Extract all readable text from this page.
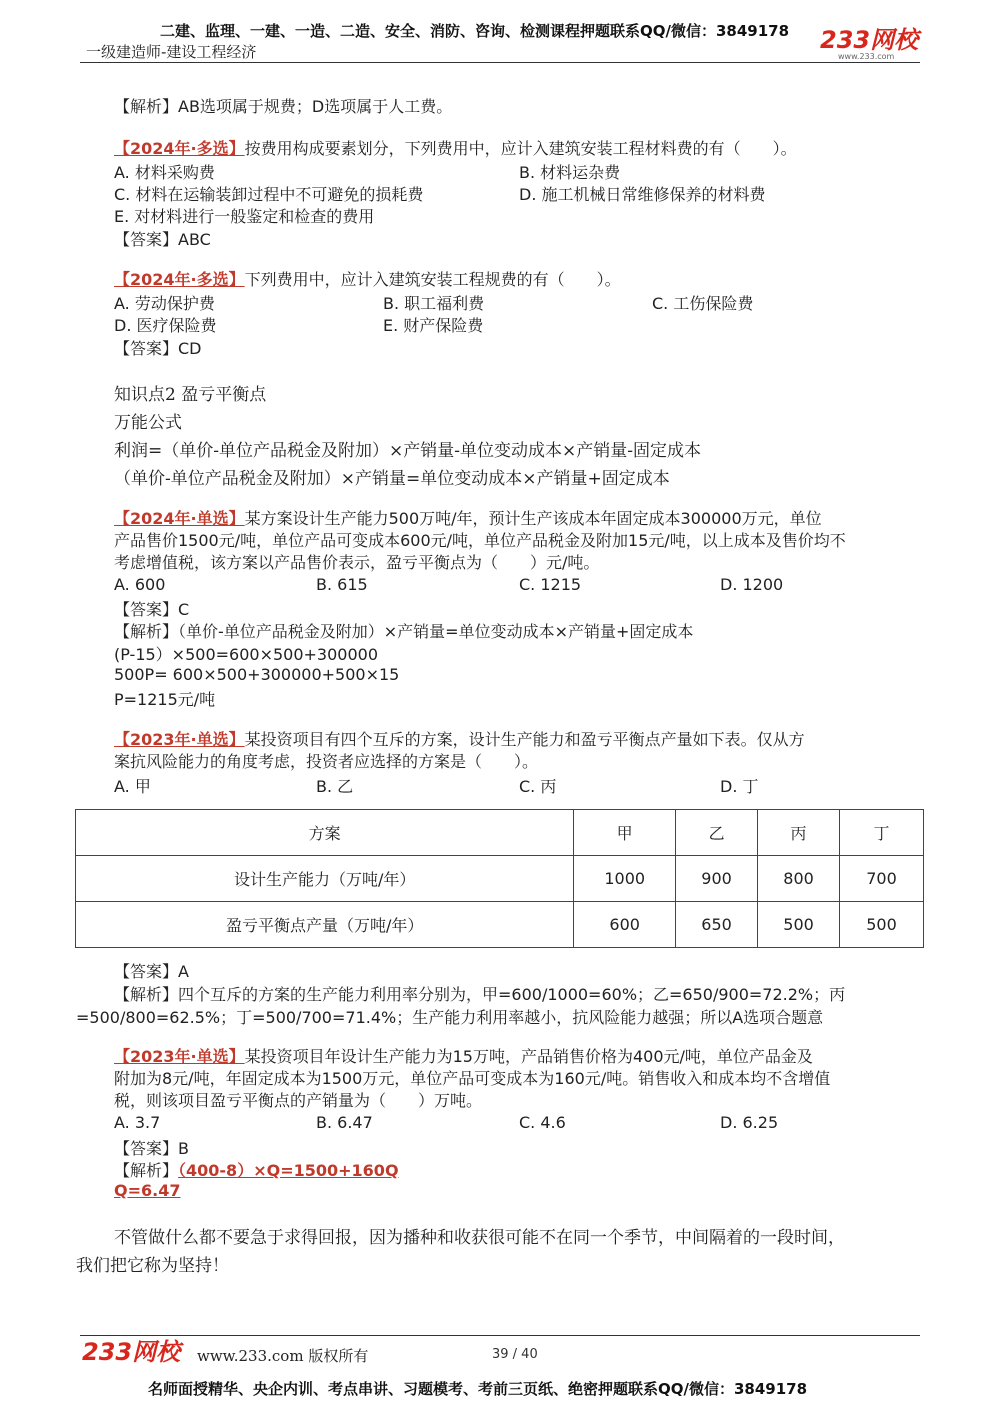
二建、监理、一建、一造、二造、安全、消防、咨询、检测课程押题联系QQ/微信：3849178
一级建造师-建设工程经济	233网校
www.233.com
【解析】AB选项属于规费；D选项属于人工费。
【2024年·多选】按费用构成要素划分，下列费用中，应计入建筑安装工程材料费的有（　　）。
A. 材料采购费	B. 材料运杂费
C. 材料在运输装卸过程中不可避免的损耗费	D. 施工机械日常维修保养的材料费
E. 对材料进行一般鉴定和检查的费用
【答案】ABC
【2024年·多选】下列费用中，应计入建筑安装工程规费的有（　　）。
A. 劳动保护费	B. 职工福利费	C. 工伤保险费
D. 医疗保险费	E. 财产保险费
【答案】CD
知识点2 盈亏平衡点
万能公式
利润=（单价-单位产品税金及附加）×产销量-单位变动成本×产销量-固定成本
（单价-单位产品税金及附加）×产销量=单位变动成本×产销量+固定成本
【2024年·单选】某方案设计生产能力500万吨/年，预计生产该成本年固定成本300000万元，单位
产品售价1500元/吨，单位产品可变成本600元/吨，单位产品税金及附加15元/吨，以上成本及售价均不
考虑增值税，该方案以产品售价表示，盈亏平衡点为（　　）元/吨。
A. 600	B. 615	C. 1215	D. 1200
【答案】C
【解析】（单价-单位产品税金及附加）×产销量=单位变动成本×产销量+固定成本
(P-15）×500=600×500+300000
500P= 600×500+300000+500×15
P=1215元/吨
【2023年·单选】某投资项目有四个互斥的方案，设计生产能力和盈亏平衡点产量如下表。仅从方
案抗风险能力的角度考虑，投资者应选择的方案是（　　）。
A. 甲	B. 乙	C. 丙	D. 丁
方案	甲	乙	丙	丁
设计生产能力（万吨/年）	1000	900	800	700
盈亏平衡点产量（万吨/年）	600	650	500	500
【答案】A
【解析】四个互斥的方案的生产能力利用率分别为，甲=600/1000=60%；乙=650/900=72.2%；丙
=500/800=62.5%；丁=500/700=71.4%；生产能力利用率越小，抗风险能力越强；所以A选项合题意
【2023年·单选】某投资项目年设计生产能力为15万吨，产品销售价格为400元/吨，单位产品金及
附加为8元/吨，年固定成本为1500万元，单位产品可变成本为160元/吨。销售收入和成本均不含增值
税，则该项目盈亏平衡点的产销量为（　　）万吨。
A. 3.7	B. 6.47	C. 4.6	D. 6.25
【答案】B
【解析】（400-8）×Q=1500+160Q
Q=6.47
不管做什么都不要急于求得回报，因为播种和收获很可能不在同一个季节，中间隔着的一段时间，
我们把它称为坚持！
233网校 www.233.com 版权所有	39 / 40
名师面授精华、央企内训、考点串讲、习题模考、考前三页纸、绝密押题联系QQ/微信：3849178
